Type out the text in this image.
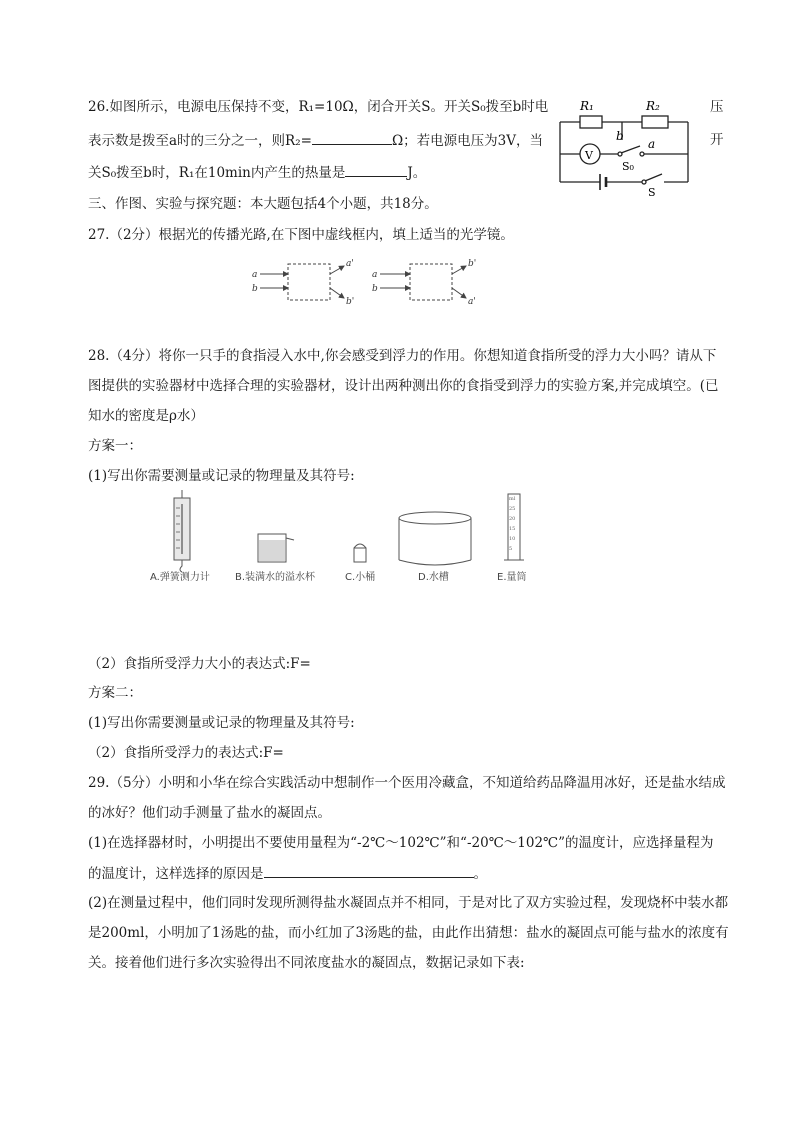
26.如图所示，电源电压保持不变，R₁=10Ω，闭合开关S。开关S₀拨至b时电	压
表示数是拨至a时的三分之一，则R₂=	Ω；若电源电压为3V，当	开
关S₀拨至b时，R₁在10min内产生的热量是	J。
R₁	R₂
V
b
a
S₀
S
三、作图、实验与探究题：本大题包括4个小题，共18分。
27.（2分）根据光的传播光路,在下图中虚线框内，填上适当的光学镜。
a
b
a'
b'
a
b
b'
a'
28.（4分）将你一只手的食指浸入水中,你会感受到浮力的作用。你想知道食指所受的浮力大小吗？请从下
图提供的实验器材中选择合理的实验器材，设计出两种测出你的食指受到浮力的实验方案,并完成填空。(已
知水的密度是ρ水）
方案一：
(1)写出你需要测量或记录的物理量及其符号:
ml
25
20
15
10
5
A.弹簧测力计	B.装满水的溢水杯	C.小桶	D.水槽	E.量筒
（2）食指所受浮力大小的表达式:F=
方案二：
(1)写出你需要测量或记录的物理量及其符号:
（2）食指所受浮力的表达式:F=
29.（5分）小明和小华在综合实践活动中想制作一个医用冷藏盒，不知道给药品降温用冰好，还是盐水结成
的冰好？他们动手测量了盐水的凝固点。
(1)在选择器材时，小明提出不要使用量程为“-2℃～102℃”和“-20℃～102℃”的温度计，应选择量程为
的温度计，这样选择的原因是	。
(2)在测量过程中，他们同时发现所测得盐水凝固点并不相同，于是对比了双方实验过程，发现烧杯中装水都
是200ml，小明加了1汤匙的盐，而小红加了3汤匙的盐，由此作出猜想：盐水的凝固点可能与盐水的浓度有
关。接着他们进行多次实验得出不同浓度盐水的凝固点，数据记录如下表:
